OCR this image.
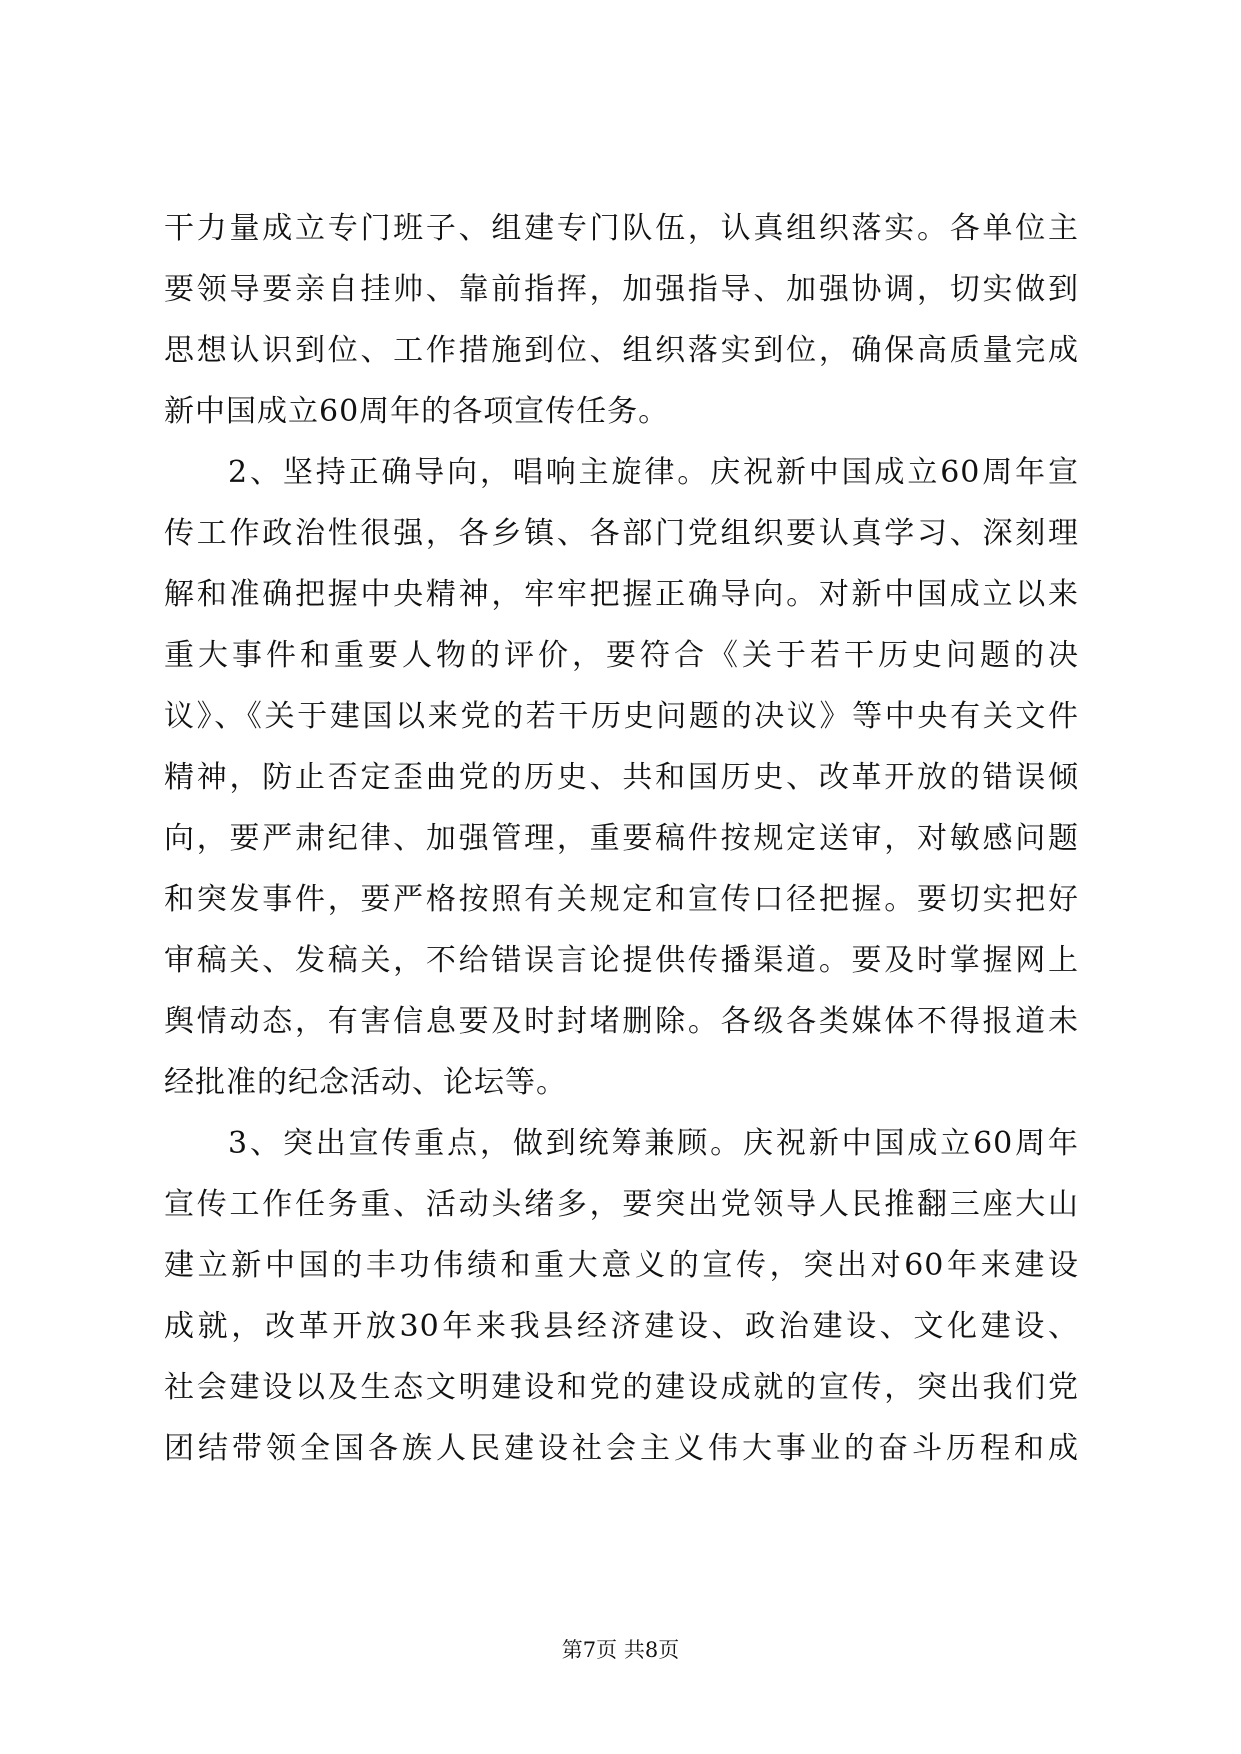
干力量成立专门班子、组建专门队伍，认真组织落实。各单位主
要领导要亲自挂帅、靠前指挥，加强指导、加强协调，切实做到
思想认识到位、工作措施到位、组织落实到位，确保高质量完成
新中国成立60周年的各项宣传任务。
2、坚持正确导向，唱响主旋律。庆祝新中国成立60周年宣
传工作政治性很强，各乡镇、各部门党组织要认真学习、深刻理
解和准确把握中央精神，牢牢把握正确导向。对新中国成立以来
重大事件和重要人物的评价，要符合《关于若干历史问题的决
议》、《关于建国以来党的若干历史问题的决议》等中央有关文件
精神，防止否定歪曲党的历史、共和国历史、改革开放的错误倾
向，要严肃纪律、加强管理，重要稿件按规定送审，对敏感问题
和突发事件，要严格按照有关规定和宣传口径把握。要切实把好
审稿关、发稿关，不给错误言论提供传播渠道。要及时掌握网上
舆情动态，有害信息要及时封堵删除。各级各类媒体不得报道未
经批准的纪念活动、论坛等。
3、突出宣传重点，做到统筹兼顾。庆祝新中国成立60周年
宣传工作任务重、活动头绪多，要突出党领导人民推翻三座大山
建立新中国的丰功伟绩和重大意义的宣传，突出对60年来建设
成就，改革开放30年来我县经济建设、政治建设、文化建设、
社会建设以及生态文明建设和党的建设成就的宣传，突出我们党
团结带领全国各族人民建设社会主义伟大事业的奋斗历程和成
第7页 共8页
